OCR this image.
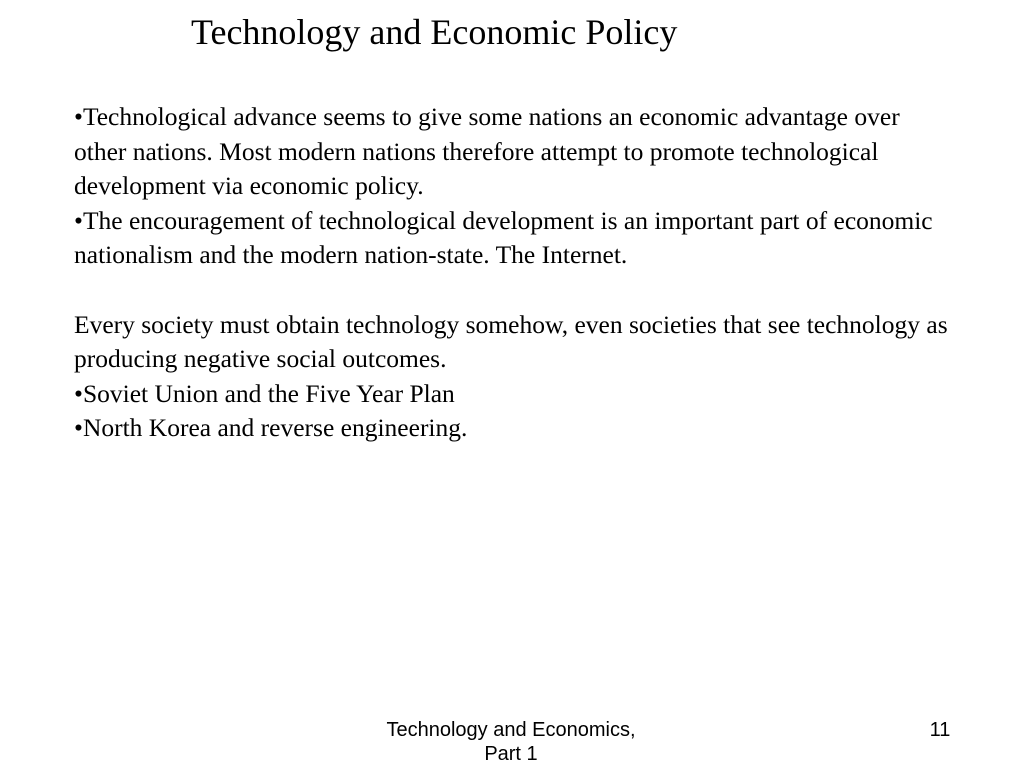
Technology and Economic Policy

•Technological advance seems to give some nations an economic advantage over other nations. Most modern nations therefore attempt to promote technological development via economic policy.

•The encouragement of technological development is an important part of economic nationalism and the modern nation-state. The Internet.

Every society must obtain technology somehow, even societies that see technology as producing negative social outcomes.

•Soviet Union and the Five Year Plan

•North Korea and reverse engineering.

Technology and Economics,
Part 1
11
